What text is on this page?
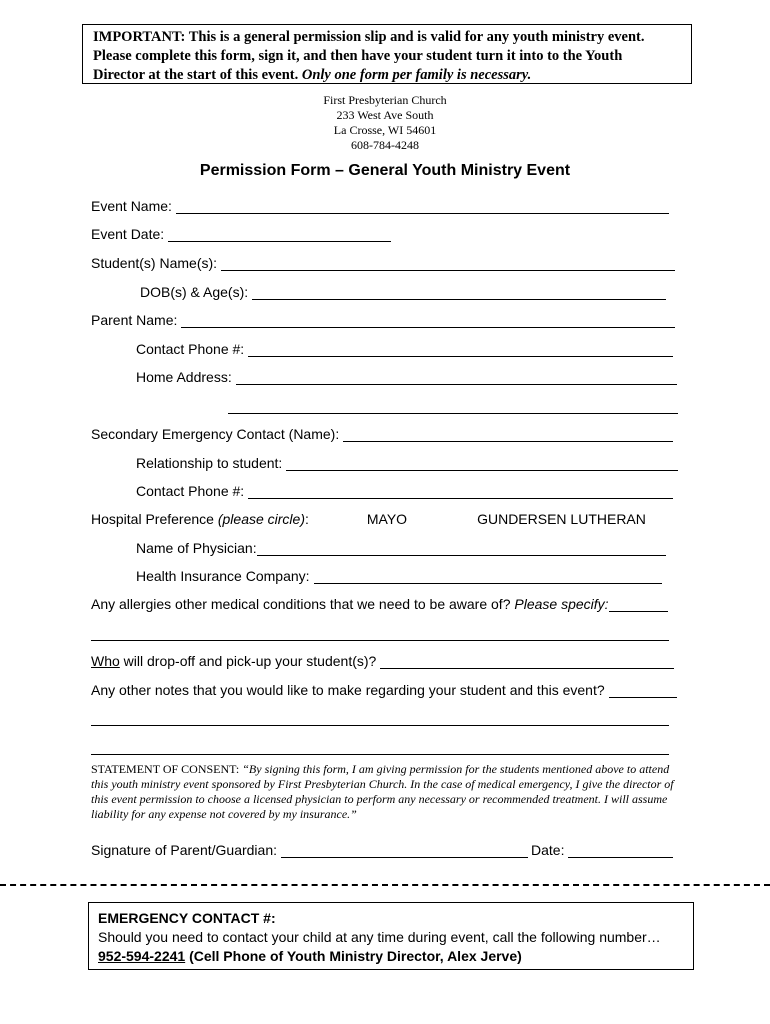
IMPORTANT: This is a general permission slip and is valid for any youth ministry event.

Please complete this form, sign it, and then have your student turn it into to the Youth

Director at the start of this event. Only one form per family is necessary.

First Presbyterian Church
233 West Ave South
La Crosse, WI 54601
608-784-4248
Permission Form – General Youth Ministry Event
Event Name:
Event Date:
Student(s) Name(s):
DOB(s) & Age(s):
Parent Name:
Contact Phone #:
Home Address:
Secondary Emergency Contact (Name):
Relationship to student:
Contact Phone #:
Hospital Preference (please circle):	MAYO	GUNDERSEN LUTHERAN
Name of Physician:
Health Insurance Company:
Any allergies other medical conditions that we need to be aware of? Please specify:
Who will drop-off and pick-up your student(s)?
Any other notes that you would like to make regarding your student and this event?
STATEMENT OF CONSENT: “By signing this form, I am giving permission for the students mentioned above to attend this youth ministry event sponsored by First Presbyterian Church. In the case of medical emergency, I give the director of this event permission to choose a licensed physician to perform any necessary or recommended treatment. I will assume liability for any expense not covered by my insurance.”
Signature of Parent/Guardian:	Date:
EMERGENCY CONTACT #:
Should you need to contact your child at any time during event, call the following number…
952-594-2241 (Cell Phone of Youth Ministry Director, Alex Jerve)
